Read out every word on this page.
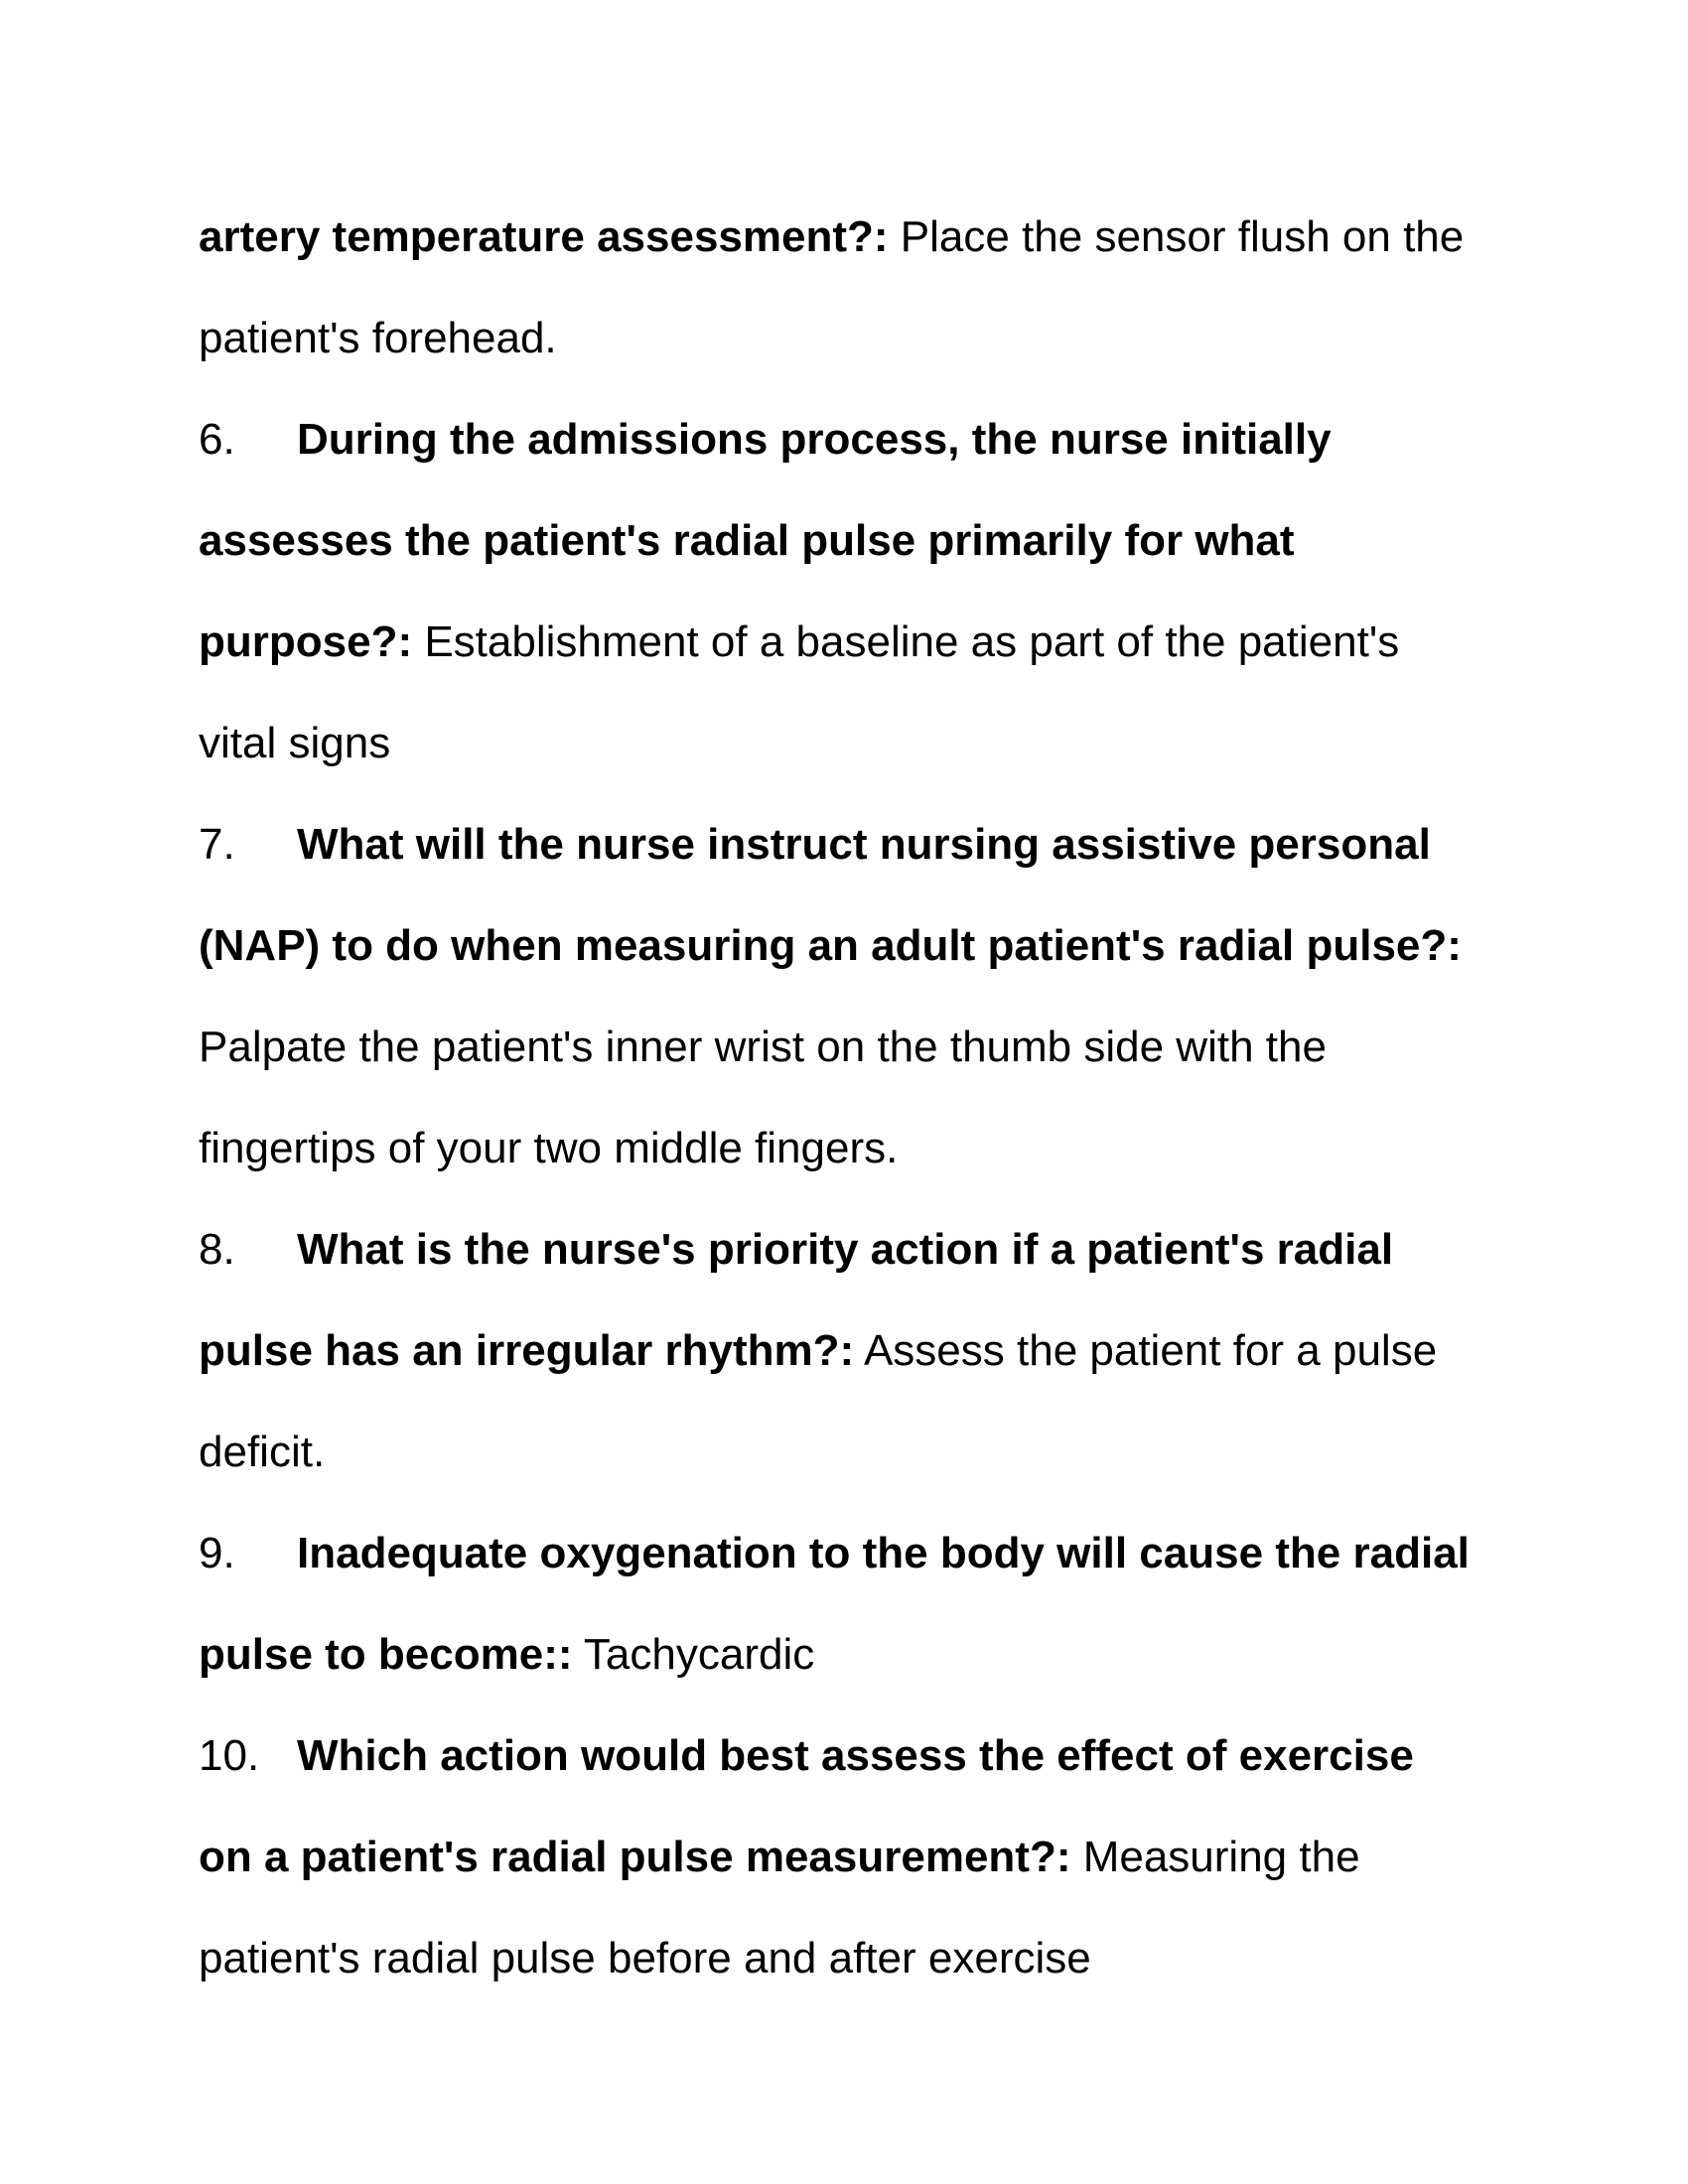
artery temperature assessment?: Place the sensor flush on the
patient's forehead.
6. During the admissions process, the nurse initially
assesses the patient's radial pulse primarily for what
purpose?: Establishment of a baseline as part of the patient's
vital signs
7. What will the nurse instruct nursing assistive personal
(NAP) to do when measuring an adult patient's radial pulse?:
Palpate the patient's inner wrist on the thumb side with the
fingertips of your two middle fingers.
8. What is the nurse's priority action if a patient's radial
pulse has an irregular rhythm?: Assess the patient for a pulse
deficit.
9. Inadequate oxygenation to the body will cause the radial
pulse to become:: Tachycardic
10. Which action would best assess the effect of exercise
on a patient's radial pulse measurement?: Measuring the
patient's radial pulse before and after exercise
